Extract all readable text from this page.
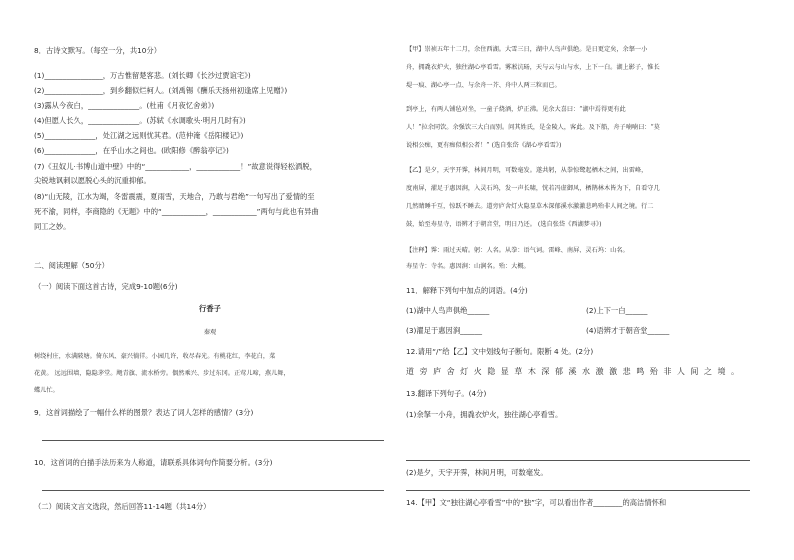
8．古诗文默写。（每空一分，共10分）
(1)________________，万古惟留楚客悲。(刘长卿《长沙过贾谊宅》)
(2)________________，到乡翻似烂柯人。(刘禹锡《酬乐天扬州初逢席上见赠》)
(3)露从今夜白，______________。(杜甫《月夜忆舍弟》)
(4)但愿人长久，______________。(苏轼《水调歌头·明月几时有》)
(5)______________，处江湖之远则忧其君。(范仲淹《岳阳楼记》)
(6)______________，在乎山水之间也。(欧阳修《醉翁亭记》)
(7)《丑奴儿·书博山道中壁》中的“____________，____________！”故意说得轻松洒脱，
尖锐地讽刺以愿脱心头的沉重抑郁。
(8)“山无陵，江水为竭，冬雷震震，夏雨雪，天地合，乃敢与君绝”一句写出了爱情的至
死不渝，同样，李商隐的《无题》中的“____________，____________”两句与此也有异曲
同工之妙。
二、阅读理解（50分）
（一）阅读下面这首古诗，完成9-10题(6分)
行香子
秦观
树绕村庄，水满陂塘。倚东风、豪兴徜徉。小园几许，收尽春光。有桃花红，李花白，菜
花黄。 远远围墙，隐隐茅堂。飏青旗、流水桥旁。偶然乘兴、步过东冈。正莺儿啼，燕儿舞，
蝶儿忙。
9．这首词描绘了一幅什么样的图景？表达了词人怎样的感情？(3分)
10．这首词的白描手法历来为人称道，请联系具体词句作简要分析。(3分)
（二）阅读文言文选段，然后回答11-14题（共14分）
【甲】崇祯五年十二月，余住西湖。大雪三日，湖中人鸟声俱绝。是日更定矣，余拏一小
舟，拥毳衣炉火，独往湖心亭看雪。雾凇沆砀，天与云与山与水，上下一白。湖上影子，惟长
堤一痕、湖心亭一点、与余舟一芥、舟中人两三粒而已。
到亭上，有两人铺毡对坐，一童子烧酒，炉正沸。见余大喜曰：“湖中焉得更有此
人！”拉余同饮。余强饮三大白而别。问其姓氏，是金陵人，客此。及下船，舟子喃喃曰：“莫
说相公痴，更有痴似相公者！” (选自张岱《湖心亭看雪》)
【乙】是夕，天宇开霁，林间月明，可数毫发。遂共躬，从拳惊鹭起栖木之间，出雷峰，
度南屏，濯足于惠因涧，入灵石坞，发一声长啸，恍若冯虚御风，栖鹊林木皆为下，自看守几
几然睛睡千互，惊跃不睡去。道旁庐舍灯火隐显草木深郁溪水激激悲鸣殆非人间之境。行二
鼓，始至寿星寺，语辨才于朝音堂，明日乃还。 (选自张岱《西湖梦寻》)
【注释】霁：雨过天晴。躬：人名。从拳：语气词。雷峰、南屏、灵石坞：山名。
寿星寺：寺名。惠因涧：山涧名。殆：大概。
11．解释下列句中加点的词语。(4分)
(1)湖中人鸟声俱绝______	(2)上下一白______
(3)濯足于惠因涧______	(4)语辨才于朝音堂______
12.请用“/”给【乙】文中划线句子断句。限断 4 处。(2分)
道 旁 庐 舍 灯 火 隐 显 草 木 深 郁 溪 水 激 激 悲 鸣 殆 非 人 间 之 境 。
13.翻译下列句子。(4分)
(1)余拏一小舟，拥毳衣炉火，独往湖心亭看雪。
(2)是夕，天宇开霁，林间月明，可数毫发。
14.【甲】文“独往湖心亭看雪”中的“独”字，可以看出作者________的高洁情怀和
